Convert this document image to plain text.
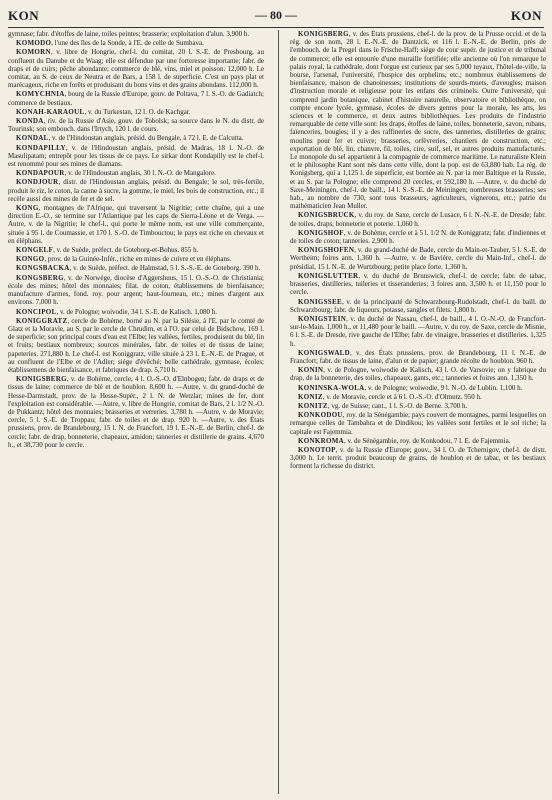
KON	— 80 —	KON

gymnase; fabr. d'étoffes de laine, toiles peintes; brasserie; exploitation d'alun. 3,900 h.

KOMODO, l'une des îles de la Sonde, à l'E. de celle de Sumbava.

KOMORN, v. libre de Hongrie, chef-l. du comitat, 20 l. S.-E. de Presbourg, au confluent du Danube et du Waag; elle est défendue par une forteresse importante; fabr. de draps et de cuirs; pêche abondante; commerce de blé, vins, miel et poisson. 12,000 h. Le comitat, au S. de ceux de Neutra et de Bars, a 158 l. de superficie. C'est un pays plat et marécageux, riche en forêts et produisant du bons vins et des grains abondans. 112,000 h.

KOMYCHNIA, bourg de la Russie d'Europe, gouv. de Poltava, 7 l. S.-O. de Gadiatch; commerce de bestiaux.

KONAH-KARAOUL, v. du Turkestan, 12 l. O. de Kachgar.

KONDA, riv. de la Russie d'Asie, gouv. de Tobolsk; sa source dans le N. du distr. de Tourinsk; son embouch. dans l'Irtych, 120 l. de cours.

KONDAL, v. de l'Hindoustan anglais, présid. du Bengale, à 72 l. E. de Calcutta.

KONDAPILLY, v. de l'Hindoustan anglais, présid. de Madras, 18 l. N.-O. de Masulipatam; entrepôt pour les tissus de ce pays. Le sirkar dont Kondapilly est le chef-l. est renommé pour ses mines de diamans.

KONDAPOUR, v. de l'Hindoustan anglais, 30 l. N.-O. de Mangalore.

KONDJOUR, distr. de l'Hindoustan anglais, présid. du Bengale; le sol, très-fertile, produit le riz, le coton, la canne à sucre, la gomme, le miel, les bois de construction, etc.; il recèle aussi des mines de fer et de sel.

KONG, montagnes de l'Afrique, qui traversent la Nigritie; cette chaîne, qui a une direction E.-O., se termine sur l'Atlantique par les caps de Sierra-Léone et de Verga. —Autre, v. de la Nigritie; le chef-l., qui porte le même nom, est une ville commerçante, située à 95 l. de Coumassie, et 170 l. S.-O. de Timbouctou; le pays est riche en chevaux et en éléphans.

KONGELF, v. de Suède, préfect. de Goteborg-et-Bohus. 855 h.

KONGO, prov. de la Guinée-Infér., riche en mines de cuivre et en éléphans.

KONGSBACKA, v. de Suède, préfect. de Halmstad, 5 l. S.-S.-E. de Goteborg. 390 h.

KONGSBERG, v. de Norwége, diocèse d'Aggershuus, 15 l. O.-S.-O. de Christiania; école des mines; hôtel des monnaies; filat. de coton, établissemens de bienfaisance; manufacture d'armes, fond. roy. pour argent; haut-fourneau, etc.; mines d'argent aux environs. 7,000 h.

KONCIPOL, v. de Pologne; woivodie, 34 l. S.-E. de Kalisch. 1,080 h.

KONIGGRATZ, cercle de Bohème, borné au N. par la Silésie, à l'E. par le comté de Glatz et la Moravie, au S. par le cercle de Chrudim, et à l'O. par celui de Bidschow, 169 l. de superficie; son principal cours d'eau est l'Elbe; les vallées, fertiles, produisent du blé, lin et fruits; bestiaux nombreux; sources minérales, fabr. de toiles et de tissus de laine; papeteries. 271,880 h. Le chef-l. est Koniggratz, ville située à 23 l. E.-N.-E. de Prague, et au confluent de l'Elbe et de l'Adler; siége d'évêché; belle cathédrale, gymnase, écoles; établissemens de bienfaisance, et fabriques de drap. 5,710 h.

KONIGSBERG, v. de Bohème, cercle, 4 l. O.-S.-O. d'Elnbogen; fabr. de draps et de tissus de laine; commerce de blé et de houblon. 8,600 h. —Autre, v. du grand-duché de Hesse-Darmstadt, prov. de la Hesse-Supér., 2 l. N. de Wetzlar; mines de fer, dont l'exploitation est considérable. —Autre, v. libre de Hongrie, comitat de Bars, 2 l. 1/2 N.-O. de Pukkantz; hôtel des monnaies; brasseries et verreries. 3,780 h. —Autre, v. de Moravie; cercle, 5 l. S.-E. de Troppau; fabr. de toiles et de drap. 920 h. —Autre, v. des États prussiens, prov. de Brandebourg, 15 l. N. de Francfort, 19 l. E.-N.-E. de Berlin, chef-l. de cercle; fabr. de drap, bonneterie, chapeaux, amidon; tanneries et distillerie de grains. 4,670 h., et 38,730 pour le cercle.

KONIGSBERG, v. des États prussiens, chef-l. de la prov. de la Prusse occid. et de la rég. de son nom, 28 l. E.-N.-E. de Dantzick, et 116 l. E.-N.-E. de Berlin, près de l'embouch. de la Pregel dans le Frische-Haff; siége de cour supér. de justice et de tribunal de commerce; elle est entourée d'une muraille fortifiée; elle ancienne où l'on remarque le palais royal, la cathédrale, dont l'orgue est curieux par ses 5,000 tuyaux, l'hôtel-de-ville, la bourse, l'arsenal, l'université, l'hospice des orphelins, etc.; nombreux établissemens de bienfaisance, maison de chanoinesses; institutions de sourds-muets, d'aveugles; maison d'instruction morale et religieuse pour les enfans des criminels. Outre l'université, qui comprend jardin botanique, cabinet d'histoire naturelle, observatoire et bibliothèque, on compte encore lycée, gymnase, écoles de divers genres pour la morale, les arts, les sciences et le commerce, et deux autres bibliothèques. Les produits de l'industrie remarquable de cette ville sont: les draps, étoffes de laine, toiles, bonneterie, savon, rubans, faïenceries, bougies; il y a des raffineries de sucre, des tanneries, distilleries de grains; moulins pour fer et cuivre; brasseries, orfèvreries, chantiers de construction, etc.; exportation de blé, lin, chanvre, fil, toiles, cire, suif, sel, et autres produits manufacturés. Le monopole du sel appartient à la compagnie de commerce maritime. Le naturaliste Klein et le philosophe Kant sont nés dans cette ville, dont la pop. est de 63,880 hab. La rég. de Konigsberg, qui a 1,125 l. de superficie, est bornée au N. par la mer Baltique et la Russie, et au S. par la Pologne; elle comprend 20 cercles, et 592,180 h. —Autre, v. du duché de Saxe-Meiningen, chef-l. de baill., 14 l. S.-S.-E. de Meiningen; nombreuses brasseries; ses hab., au nombre de 730, sont tous brasseurs, agriculteurs, vignerons, etc.; patrie du mathématicien Jean Muller.

KONIGSBRUCK, v. du roy. de Saxe, cercle de Lusace, 6 l. N.-N.-E. de Dresde; fabr. de toiles, draps, bonneterie et poterie. 1,060 h.

KONIGSHOF, v. de Bohème, cercle et à 5 l. 1/2 N. de Koniggratz; fabr. d'indiennes et de toiles de coton; tanneries. 2,900 h.

KONIGSHOFEN, v. du grand-duché de Bade, cercle du Main-et-Tauber, 5 l. S.-E. de Wertheim; foires ann. 1,360 h. —Autre, v. de Bavière, cercle du Main-Inf., chef-l. de présidial, 15 l. N.-E. de Wurtzbourg; petite place forte. 1,360 h.

KONIGSLUTTER, v. du duché de Brunswick, chef-l. de cercle; fabr. de tabac, brasseries, distilleries, tuileries et tisseranderies; 3 foires ann. 3,500 h. et 11,150 pour le cercle.

KONIGSSEE, v. de la principauté de Schwarzbourg-Rudolstadt, chef-l. du baill. de Schwarzbourg; fabr. de liqueurs, potasse, sangles et filets. 1,800 h.

KONIGSTEIN, v. du duché de Nassau, chef-l. de baill., 4 l. O.-N.-O. de Francfort-sur-le-Main. 1,000 h., et 11,480 pour le baill. —Autre, v. du roy. de Saxe, cercle de Misnie, 6 l. S.-E. de Dresde, rive gauche de l'Elbe; fabr. de vinaigre, brasseries et distilleries. 1,325 h.

KONIGSWALD, v. des États prussiens, prov. de Brandebourg, 11 l. N.-E. de Francfort; fabr. de tissus de laine, d'alun et de papier; grande récolte de houblon. 960 h.

KONIN, v. de Pologne, woiwodie de Kalisch, 43 l. O. de Varsovie; on y fabrique du drap, de la bonneterie, des toiles, chapeaux, gants, etc.; tanneries et foires ann. 1,350 h.

KONINSKA-WOLA, v. de Pologne; woiwodie, 9 l. N.-O. de Lublin. 1,100 h.

KONIZ, v. de Moravie, cercle et à 6 l. O.-S.-O. d'Olmutz. 950 h.

KONITZ, vg. de Suisse; cant., 1 l. S.-O. de Berne. 3,700 h.

KONKODOU, roy. de la Sénégambie; pays couvert de montagnes, parmi lesquelles on remarque celles de Tambahra et de Dindikou; les vallées sont fertiles et le sol riche; la capitale est Fajemmia.

KONKROMA, v. de Sénégambie, roy. de Konkodou, 7 l. E. de Fajemmia.

KONOTOP, v. de la Russie d'Europe; gouv., 34 l. O. de Tchernigov, chef-l. de distr. 3,000 h. Le territ. produit beaucoup de grains, de houblon et de tabac, et les bestiaux forment la richesse du district.
